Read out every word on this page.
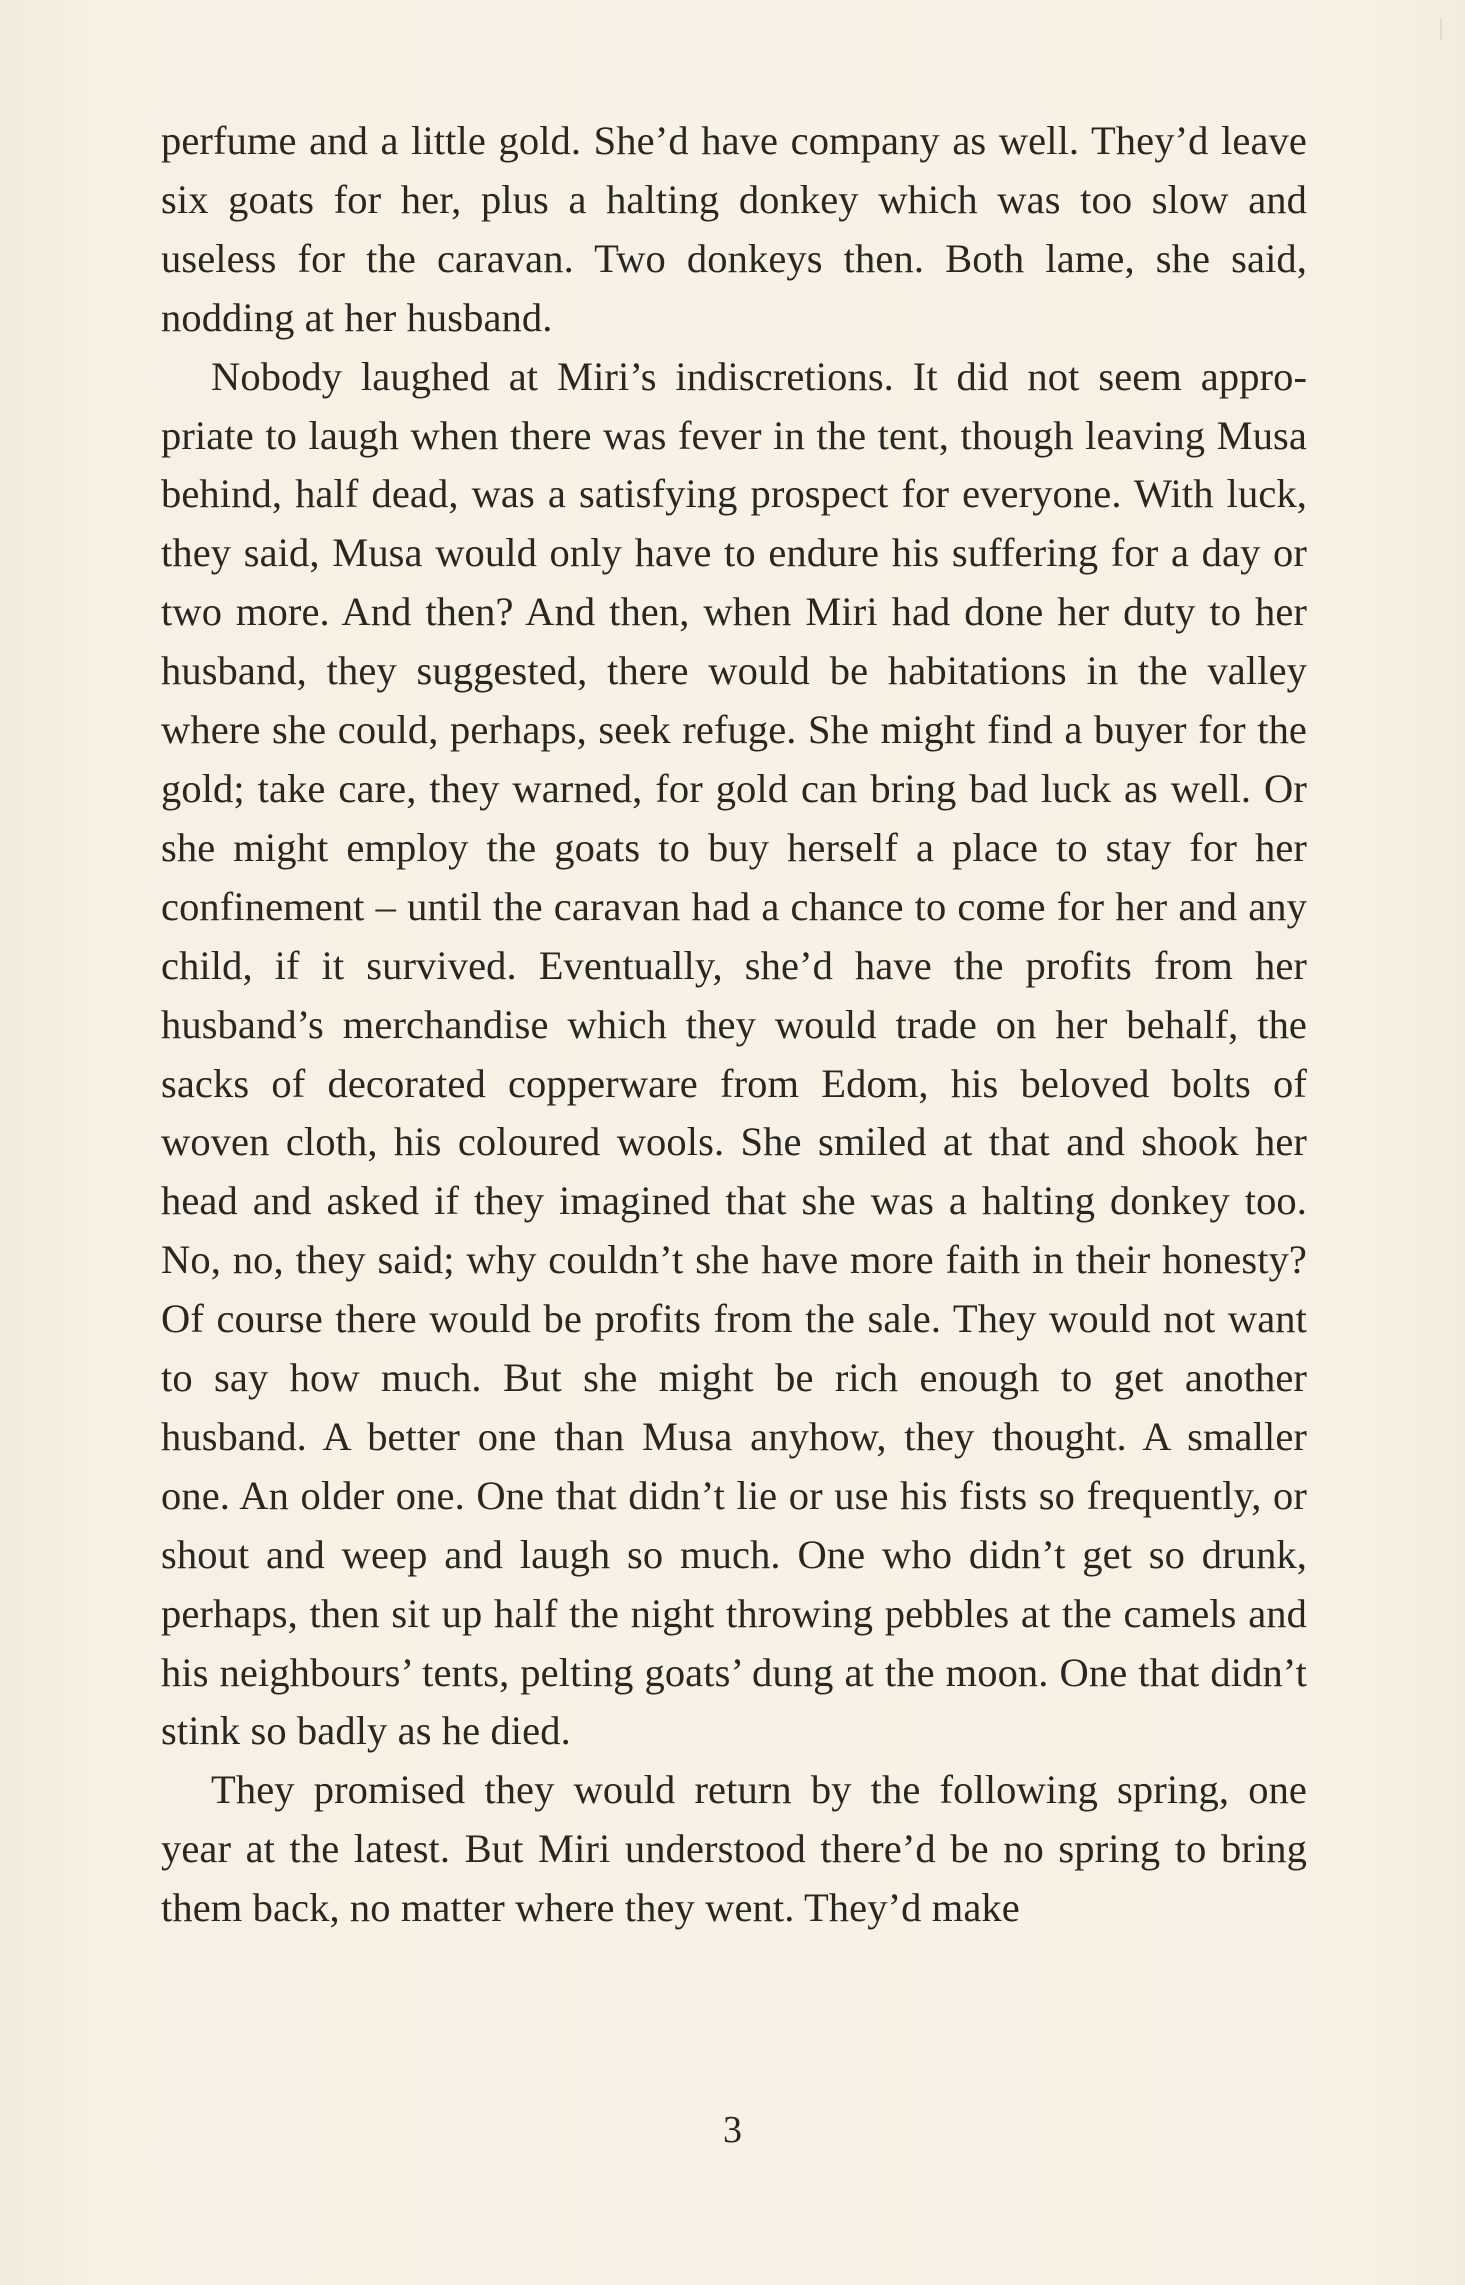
perfume and a little gold. She’d have company as well. They’d leave six goats for her, plus a halting donkey which was too slow and useless for the caravan. Two donkeys then. Both lame, she said, nodding at her husband.

Nobody laughed at Miri’s indiscretions. It did not seem appropriate to laugh when there was fever in the tent, though leaving Musa behind, half dead, was a satisfying prospect for everyone. With luck, they said, Musa would only have to endure his suffering for a day or two more. And then? And then, when Miri had done her duty to her husband, they suggested, there would be habitations in the valley where she could, perhaps, seek refuge. She might find a buyer for the gold; take care, they warned, for gold can bring bad luck as well. Or she might employ the goats to buy herself a place to stay for her confinement – until the caravan had a chance to come for her and any child, if it survived. Eventually, she’d have the profits from her husband’s merchandise which they would trade on her behalf, the sacks of decorated copperware from Edom, his beloved bolts of woven cloth, his coloured wools. She smiled at that and shook her head and asked if they imagined that she was a halting donkey too. No, no, they said; why couldn’t she have more faith in their honesty? Of course there would be profits from the sale. They would not want to say how much. But she might be rich enough to get another husband. A better one than Musa anyhow, they thought. A smaller one. An older one. One that didn’t lie or use his fists so frequently, or shout and weep and laugh so much. One who didn’t get so drunk, perhaps, then sit up half the night throwing pebbles at the camels and his neighbours’ tents, pelting goats’ dung at the moon. One that didn’t stink so badly as he died.

They promised they would return by the following spring, one year at the latest. But Miri understood there’d be no spring to bring them back, no matter where they went. They’d make

3
